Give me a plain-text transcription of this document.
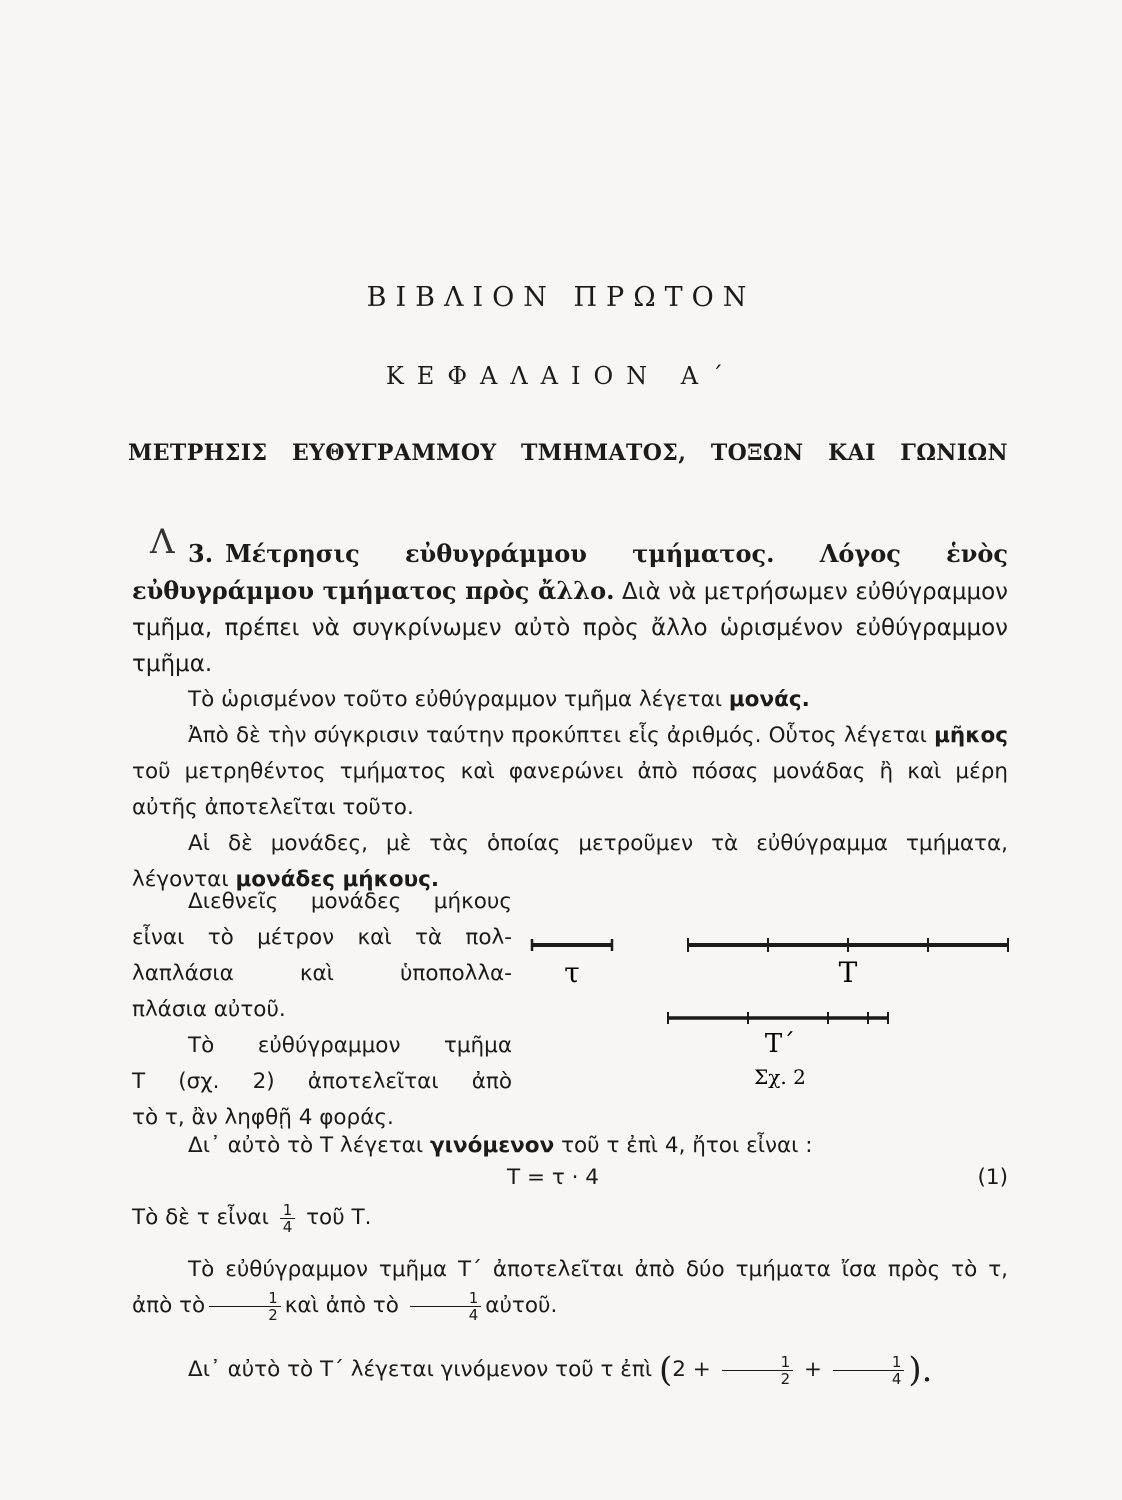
ΒΙΒΛΙΟΝ ΠΡΩΤΟΝ
ΚΕΦΑΛΑΙΟΝ Α΄
ΜΕΤΡΗΣΙΣ ΕΥΘΥΓΡΑΜΜΟΥ ΤΜΗΜΑΤΟΣ, ΤΟΞΩΝ ΚΑΙ ΓΩΝΙΩΝ
Λ 3. Μέτρησις εὐθυγράμμου τμήματος. Λόγος ἑνὸς εὐθυγράμμου τμήματος πρὸς ἄλλο. Διὰ νὰ μετρήσωμεν εὐθύγραμμον τμῆμα, πρέπει νὰ συγκρίνωμεν αὐτὸ πρὸς ἄλλο ὡρισμένον εὐθύγραμμον τμῆμα.

Τὸ ὡρισμένον τοῦτο εὐθύγραμμον τμῆμα λέγεται μονάς.

Ἀπὸ δὲ τὴν σύγκρισιν ταύτην προκύπτει εἷς ἀριθμός. Οὗτος λέγεται μῆκος τοῦ μετρηθέντος τμήματος καὶ φανερώνει ἀπὸ πόσας μονάδας ἢ καὶ μέρη αὐτῆς ἀποτελεῖται τοῦτο.

Αἱ δὲ μονάδες, μὲ τὰς ὁποίας μετροῦμεν τὰ εὐθύγραμμα τμήματα, λέγονται μονάδες μήκους.

Διεθνεῖς μονάδες μήκους

εἶναι τὸ μέτρον καὶ τὰ πολ-

λαπλάσια καὶ ὑποπολλα-

πλάσια αὐτοῦ.

Τὸ εὐθύγραμμον τμῆμα

Τ (σχ. 2) ἀποτελεῖται ἀπὸ

τὸ τ, ἂν ληφθῇ 4 φοράς.

τ	Τ
Τ΄
Σχ. 2

Δι᾽ αὐτὸ τὸ Τ λέγεται γινόμενον τοῦ τ ἐπὶ 4, ἤτοι εἶναι :

Τ = τ · 4	(1)

Τὸ δὲ τ εἶναι $\frac{1}{4}$ τοῦ Τ.

Τὸ εὐθύγραμμον τμῆμα Τ΄ ἀποτελεῖται ἀπὸ δύο τμήματα ἴσα πρὸς τὸ τ, ἀπὸ τὸ $\frac{1}{2}$ καὶ ἀπὸ τὸ $\frac{1}{4}$ αὐτοῦ.

Δι᾽ αὐτὸ τὸ Τ΄ λέγεται γινόμενον τοῦ τ ἐπὶ ($2 + \frac{1}{2} + \frac{1}{4}$ ).
